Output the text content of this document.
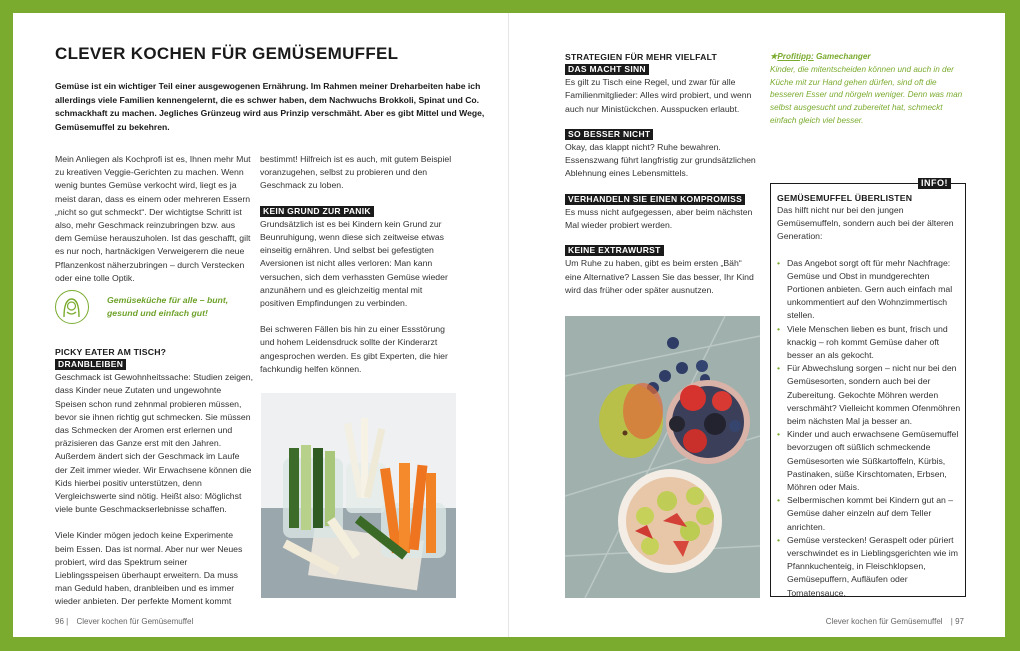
CLEVER KOCHEN FÜR GEMÜSEMUFFEL
Gemüse ist ein wichtiger Teil einer ausgewogenen Ernährung. Im Rahmen meiner Dreharbeiten habe ich allerdings viele Familien kennengelernt, die es schwer haben, dem Nachwuchs Brokkoli, Spinat und Co. schmackhaft zu machen. Jegliches Grünzeug wird aus Prinzip verschmäht. Aber es gibt Mittel und Wege, Gemüsemuffel zu bekehren.

Mein Anliegen als Kochprofi ist es, Ihnen mehr Mut zu kreativen Veggie-Gerichten zu machen. Wenn wenig buntes Gemüse verkocht wird, liegt es ja meist daran, dass es einem oder mehreren Essern „nicht so gut schmeckt“. Der wichtigtse Schritt ist also, mehr Geschmack reinzubringen bzw. aus dem Gemüse herauszuholen. Ist das geschafft, gilt es nur noch, hartnäckigen Verweigerern die neue Pflanzenkost näherzubringen – durch Verstecken oder eine tolle Optik.

Gemüseküche für alle – bunt, gesund und einfach gut!
PICKY EATER AM TISCH?
DRANBLEIBEN

Geschmack ist Gewohnheitssache: Studien zeigen, dass Kinder neue Zutaten und ungewohnte Speisen schon rund zehnmal probieren müssen, bevor sie ihnen richtig gut schmecken. Sie müssen das Schmecken der Aromen erst erlernen und präzisieren das Ganze erst mit den Jahren. Außerdem ändert sich der Geschmack im Laufe der Zeit immer wieder. Wir Erwachsene können die Kids hierbei positiv unterstützen, denn Vergleichswerte sind nötig. Heißt also: Möglichst viele bunte Geschmackserlebnisse schaffen.

Viele Kinder mögen jedoch keine Experimente beim Essen. Das ist normal. Aber nur wer Neues probiert, wird das Spektrum seiner Lieblingsspeisen überhaupt erweitern. Da muss man Geduld haben, dranbleiben und es immer wieder anbieten. Der perfekte Moment kommt

bestimmt! Hilfreich ist es auch, mit gutem Beispiel voranzugehen, selbst zu probieren und den Geschmack zu loben.

KEIN GRUND ZUR PANIK

Grundsätzlich ist es bei Kindern kein Grund zur Beunruhigung, wenn diese sich zeitweise etwas einseitig ernähren. Und selbst bei gefestigten Aversionen ist nicht alles verloren: Man kann versuchen, sich dem verhassten Gemüse wieder anzunähern und es gleichzeitig mental mit positiven Empfindungen zu verbinden.

Bei schweren Fällen bis hin zu einer Essstörung und hohem Leidensdruck sollte der Kinderarzt angesprochen werden. Es gibt Experten, die hier fachkundig helfen können.

96 | Clever kochen für Gemüsemuffel
STRATEGIEN FÜR MEHR VIELFALT
DAS MACHT SINN

Es gilt zu Tisch eine Regel, und zwar für alle Familienmitglieder: Alles wird probiert, und wenn auch nur Ministückchen. Ausspucken erlaubt.

SO BESSER NICHT

Okay, das klappt nicht? Ruhe bewahren. Essenszwang führt langfristig zur grundsätzlichen Ablehnung eines Lebensmittels.

VERHANDELN SIE EINEN KOMPROMISS

Es muss nicht aufgegessen, aber beim nächsten Mal wieder probiert werden.

KEINE EXTRAWURST

Um Ruhe zu haben, gibt es beim ersten „Bäh“ eine Alternative? Lassen Sie das besser, Ihr Kind wird das früher oder später ausnutzen.

★Profitipp: Gamechanger
Kinder, die mitentscheiden können und auch in der Küche mit zur Hand gehen dürfen, sind oft die besseren Esser und nörgeln weniger. Denn was man selbst ausgesucht und zubereitet hat, schmeckt einfach gleich viel besser.
INFO!
GEMÜSEMUFFEL ÜBERLISTEN

Das hilft nicht nur bei den jungen Gemüsemuffeln, sondern auch bei der älteren Generation:

• Das Angebot sorgt oft für mehr Nachfrage: Gemüse und Obst in mundgerechten Portionen anbieten. Gern auch einfach mal unkommentiert auf den Wohnzimmertisch stellen.
• Viele Menschen lieben es bunt, frisch und knackig – roh kommt Gemüse daher oft besser an als gekocht.
• Für Abwechslung sorgen – nicht nur bei den Gemüsesorten, sondern auch bei der Zubereitung. Gekochte Möhren werden verschmäht? Vielleicht kommen Ofenmöhren beim nächsten Mal ja besser an.
• Kinder und auch erwachsene Gemüsemuffel bevorzugen oft süßlich schmeckende Gemüsesorten wie Süßkartoffeln, Kürbis, Pastinaken, süße Kirschtomaten, Erbsen, Möhren oder Mais.
• Selbermischen kommt bei Kindern gut an – Gemüse daher einzeln auf dem Teller anrichten.
• Gemüse verstecken! Geraspelt oder püriert verschwindet es in Lieblingsgerichten wie im Pfannkuchenteig, in Fleischklopsen, Gemüsepuffern, Aufläufen oder Tomatensauce.
Clever kochen für Gemüsemuffel | 97
